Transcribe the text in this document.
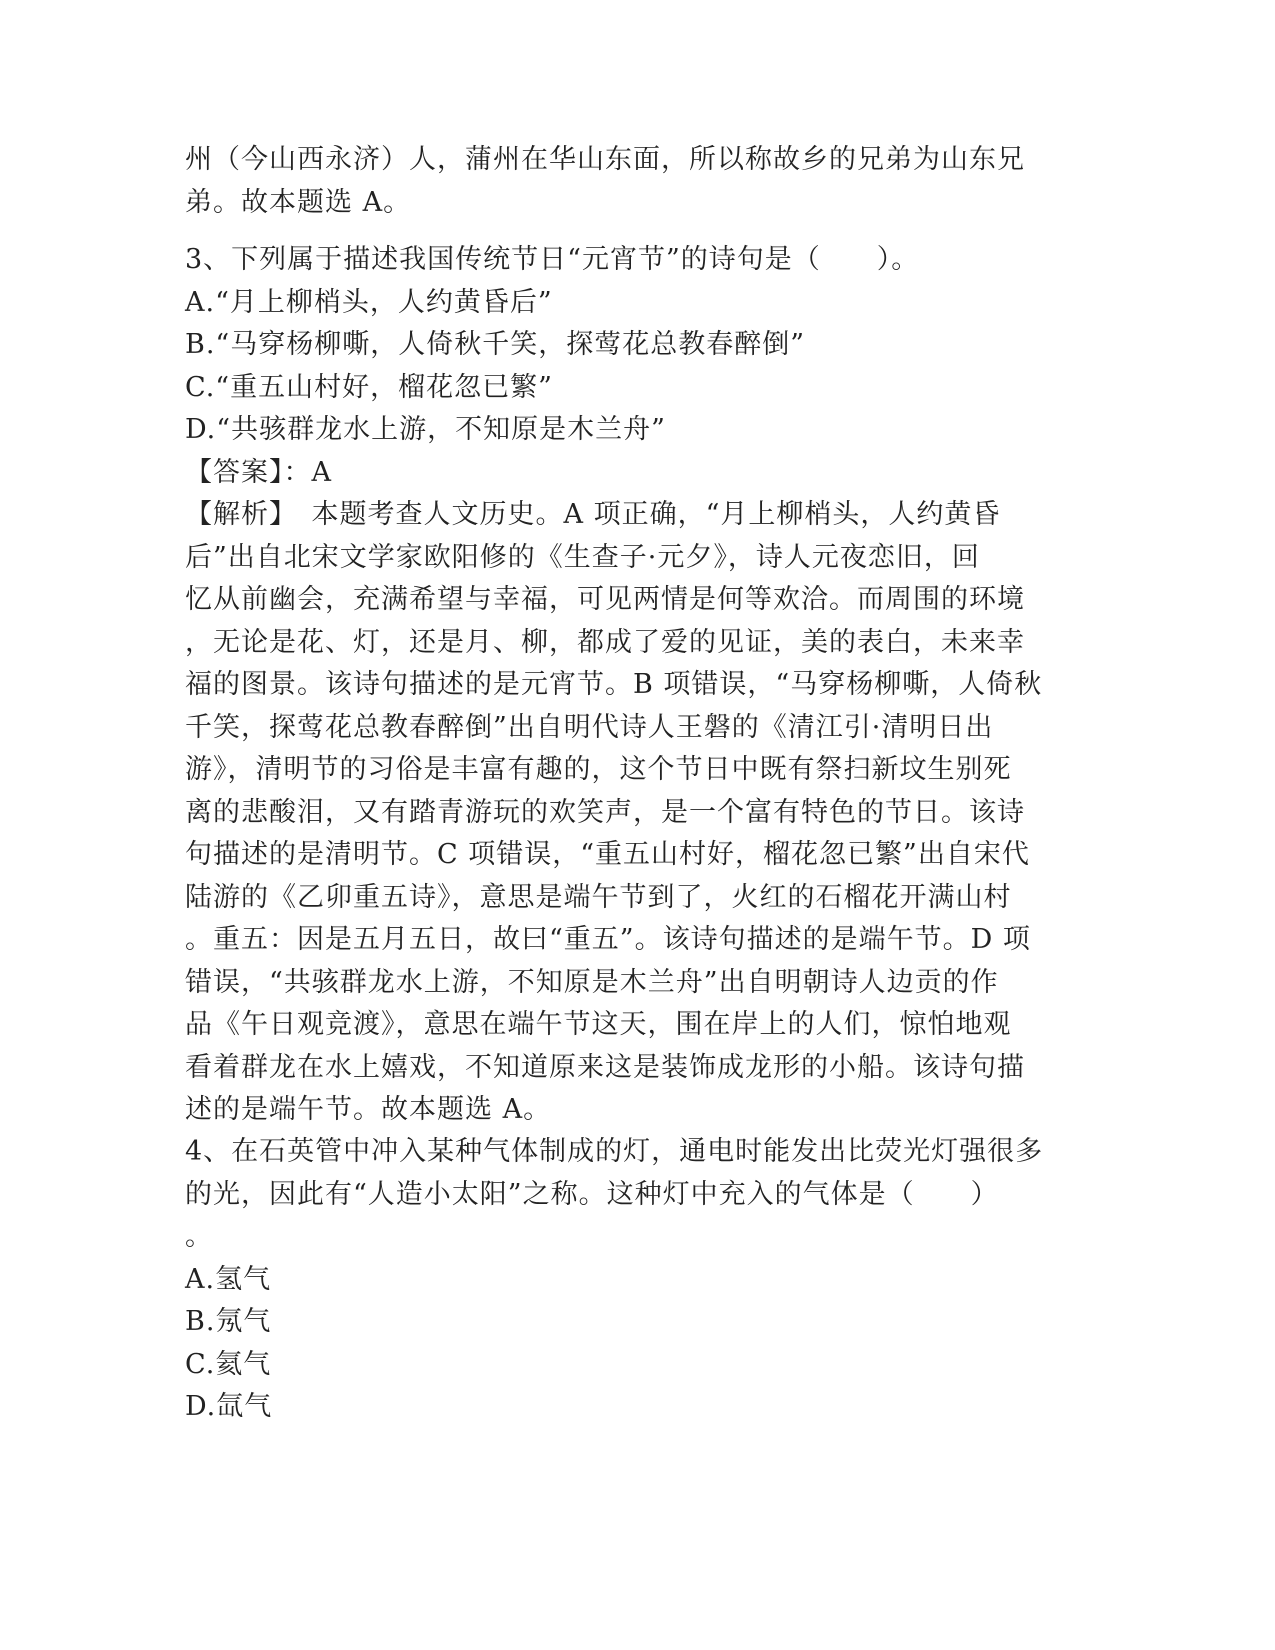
州（今山西永济）人，蒲州在华山东面，所以称故乡的兄弟为山东兄
弟。故本题选 A。
3、下列属于描述我国传统节日“元宵节”的诗句是（　　）。
A.“月上柳梢头，人约黄昏后”
B.“马穿杨柳嘶，人倚秋千笑，探莺花总教春醉倒”
C.“重五山村好，榴花忽已繁”
D.“共骇群龙水上游，不知原是木兰舟”
【答案】：A
【解析】　本题考查人文历史。A 项正确，“月上柳梢头，人约黄昏
后”出自北宋文学家欧阳修的《生查子·元夕》，诗人元夜恋旧，回
忆从前幽会，充满希望与幸福，可见两情是何等欢洽。而周围的环境
，无论是花、灯，还是月、柳，都成了爱的见证，美的表白，未来幸
福的图景。该诗句描述的是元宵节。B 项错误，“马穿杨柳嘶，人倚秋
千笑，探莺花总教春醉倒”出自明代诗人王磐的《清江引·清明日出
游》，清明节的习俗是丰富有趣的，这个节日中既有祭扫新坟生别死
离的悲酸泪，又有踏青游玩的欢笑声，是一个富有特色的节日。该诗
句描述的是清明节。C 项错误，“重五山村好，榴花忽已繁”出自宋代
陆游的《乙卯重五诗》，意思是端午节到了，火红的石榴花开满山村
。重五：因是五月五日，故曰“重五”。该诗句描述的是端午节。D 项
错误，“共骇群龙水上游，不知原是木兰舟”出自明朝诗人边贡的作
品《午日观竞渡》，意思在端午节这天，围在岸上的人们，惊怕地观
看着群龙在水上嬉戏，不知道原来这是装饰成龙形的小船。该诗句描
述的是端午节。故本题选 A。
4、在石英管中冲入某种气体制成的灯，通电时能发出比荧光灯强很多
的光，因此有“人造小太阳”之称。这种灯中充入的气体是（　　）
。
A.氢气
B.氖气
C.氦气
D.氙气
